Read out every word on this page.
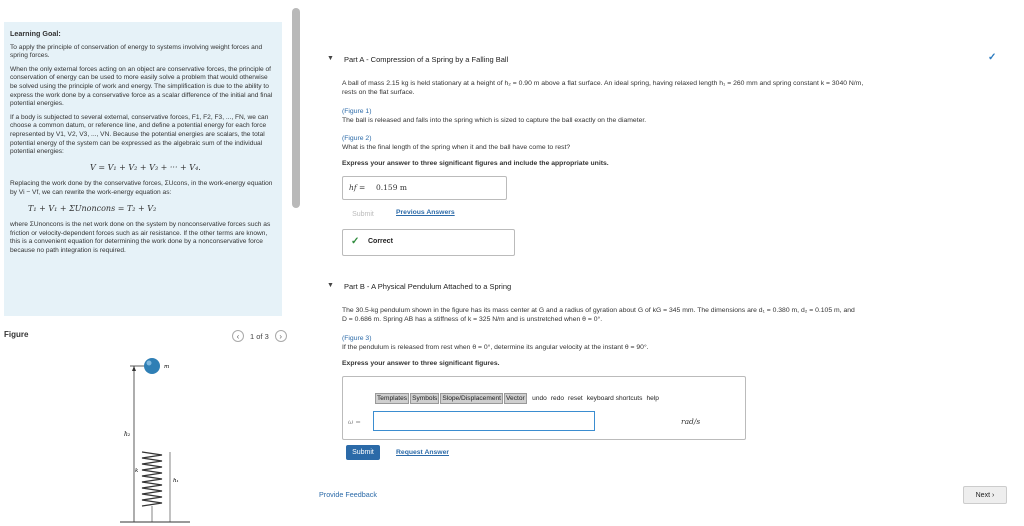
Learning Goal:

To apply the principle of conservation of energy to systems involving weight forces and spring forces.

When the only external forces acting on an object are conservative forces, the principle of conservation of energy can be used to more easily solve a problem that would otherwise be solved using the principle of work and energy. The simplification is due to the ability to express the work done by a conservative force as a scalar difference of the initial and final potential energies.

If a body is subjected to several external, conservative forces, F1, F2, F3, ..., FN, we can choose a common datum, or reference line, and define a potential energy for each force represented by V1, V2, V3, ..., VN. Because the potential energies are scalars, the total potential energy of the system can be expressed as the algebraic sum of the individual potential energies:

V = V₁ + V₂ + V₃ + ··· + V₄.

Replacing the work done by the conservative forces, ΣUcons, in the work-energy equation by Vi − Vf, we can rewrite the work-energy equation as:

T₁ + V₁ + ΣUnoncons = T₂ + V₂

where ΣUnoncons is the net work done on the system by nonconservative forces such as friction or velocity-dependent forces such as air resistance. If the other terms are known, this is a convenient equation for determining the work done by a nonconservative force because no path integration is required.

Figure	‹	1 of 3	›
h₂
m
k
h₁
▼ Part A - Compression of a Spring by a Falling Ball	✓
A ball of mass 2.15 kg is held stationary at a height of h₂ = 0.90 m above a flat surface. An ideal spring, having relaxed length h₁ = 260 mm and spring constant k = 3040 N/m,
rests on the flat surface.
(Figure 1)
The ball is released and falls into the spring which is sized to capture the ball exactly on the diameter.
(Figure 2)
What is the final length of the spring when it and the ball have come to rest?
Express your answer to three significant figures and include the appropriate units.
hf = 0.159 m
Submit	Previous Answers
✓ Correct
▼ Part B - A Physical Pendulum Attached to a Spring
The 30.5-kg pendulum shown in the figure has its mass center at G and a radius of gyration about G of kG = 345 mm. The dimensions are d₁ = 0.380 m, d₂ = 0.105 m, and
D = 0.686 m. Spring AB has a stiffness of k = 325 N/m and is unstretched when θ = 0°.
(Figure 3)
If the pendulum is released from rest when θ = 0°, determine its angular velocity at the instant θ = 90°.
Express your answer to three significant figures.
Templates Symbols Slope/Displacement Vector undo redo reset keyboard shortcuts help
ω =	rad/s
Submit	Request Answer
Provide Feedback	Next ›
